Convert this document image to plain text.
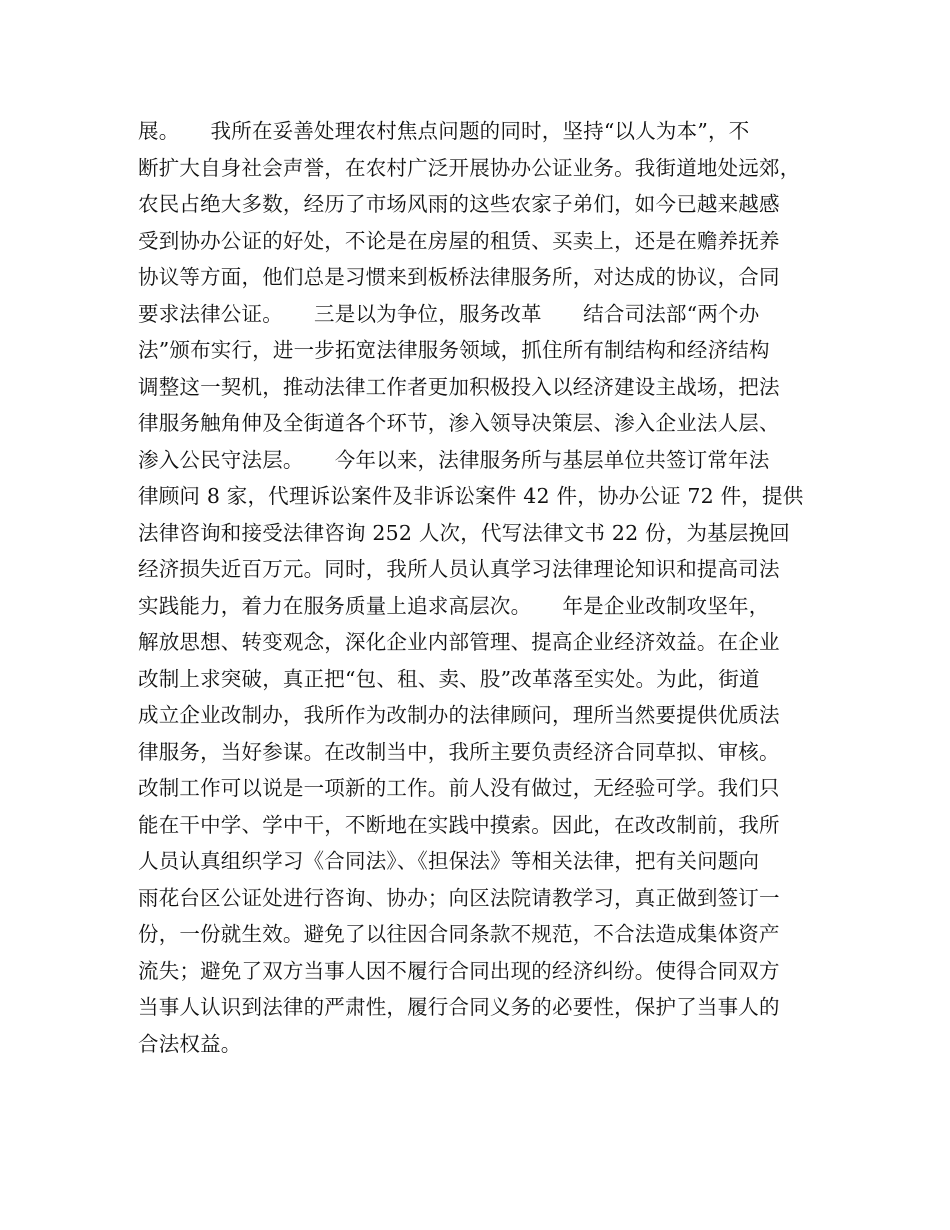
展。　　我所在妥善处理农村焦点问题的同时，坚持“以人为本”，不
断扩大自身社会声誉，在农村广泛开展协办公证业务。我街道地处远郊，
农民占绝大多数，经历了市场风雨的这些农家子弟们，如今已越来越感
受到协办公证的好处，不论是在房屋的租赁、买卖上，还是在赡养抚养
协议等方面，他们总是习惯来到板桥法律服务所，对达成的协议，合同
要求法律公证。　　三是以为争位，服务改革　　结合司法部“两个办
法”颁布实行，进一步拓宽法律服务领域，抓住所有制结构和经济结构
调整这一契机，推动法律工作者更加积极投入以经济建设主战场，把法
律服务触角伸及全街道各个环节，渗入领导决策层、渗入企业法人层、
渗入公民守法层。　　今年以来，法律服务所与基层单位共签订常年法
律顾问 8 家，代理诉讼案件及非诉讼案件 42 件，协办公证 72 件，提供
法律咨询和接受法律咨询 252 人次，代写法律文书 22 份，为基层挽回
经济损失近百万元。同时，我所人员认真学习法律理论知识和提高司法
实践能力，着力在服务质量上追求高层次。　　年是企业改制攻坚年，
解放思想、转变观念，深化企业内部管理、提高企业经济效益。在企业
改制上求突破，真正把“包、租、卖、股”改革落至实处。为此，街道
成立企业改制办，我所作为改制办的法律顾问，理所当然要提供优质法
律服务，当好参谋。在改制当中，我所主要负责经济合同草拟、审核。
改制工作可以说是一项新的工作。前人没有做过，无经验可学。我们只
能在干中学、学中干，不断地在实践中摸索。因此，在改改制前，我所
人员认真组织学习《合同法》、《担保法》等相关法律，把有关问题向
雨花台区公证处进行咨询、协办；向区法院请教学习，真正做到签订一
份，一份就生效。避免了以往因合同条款不规范，不合法造成集体资产
流失；避免了双方当事人因不履行合同出现的经济纠纷。使得合同双方
当事人认识到法律的严肃性，履行合同义务的必要性，保护了当事人的
合法权益。
